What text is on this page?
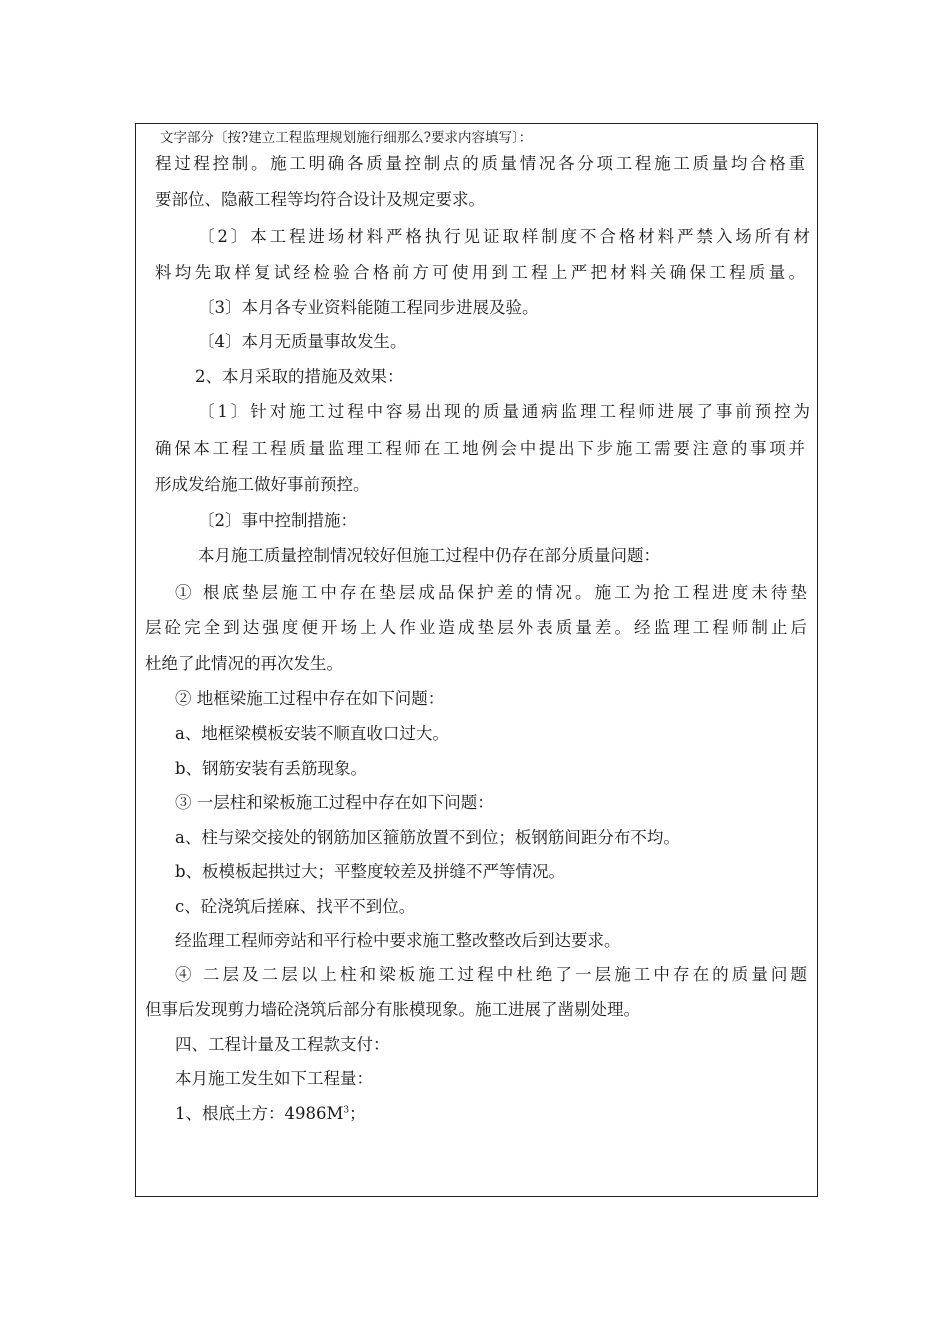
文字部分〔按?建立工程监理规划施行细那么?要求内容填写〕：
程过程控制。施工明确各质量控制点的质量情况各分项工程施工质量均合格重
要部位、隐蔽工程等均符合设计及规定要求。
〔2〕本工程进场材料严格执行见证取样制度不合格材料严禁入场所有材
料均先取样复试经检验合格前方可使用到工程上严把材料关确保工程质量。
〔3〕本月各专业资料能随工程同步进展及验。
〔4〕本月无质量事故发生。
2、本月采取的措施及效果：
〔1〕针对施工过程中容易出现的质量通病监理工程师进展了事前预控为
确保本工程工程质量监理工程师在工地例会中提出下步施工需要注意的事项并
形成发给施工做好事前预控。
〔2〕事中控制措施：
本月施工质量控制情况较好但施工过程中仍存在部分质量问题：
① 根底垫层施工中存在垫层成品保护差的情况。施工为抢工程进度未待垫
层砼完全到达强度便开场上人作业造成垫层外表质量差。经监理工程师制止后
杜绝了此情况的再次发生。
② 地框梁施工过程中存在如下问题：
a、地框梁模板安装不顺直收口过大。
b、钢筋安装有丢筋现象。
③ 一层柱和梁板施工过程中存在如下问题：
a、柱与梁交接处的钢筋加区箍筋放置不到位；板钢筋间距分布不均。
b、板模板起拱过大；平整度较差及拼缝不严等情况。
c、砼浇筑后搓麻、找平不到位。
经监理工程师旁站和平行检中要求施工整改整改后到达要求。
④ 二层及二层以上柱和梁板施工过程中杜绝了一层施工中存在的质量问题
但事后发现剪力墙砼浇筑后部分有胀模现象。施工进展了凿剔处理。
四、工程计量及工程款支付：
本月施工发生如下工程量：
1、根底土方：$4986M^3$；
